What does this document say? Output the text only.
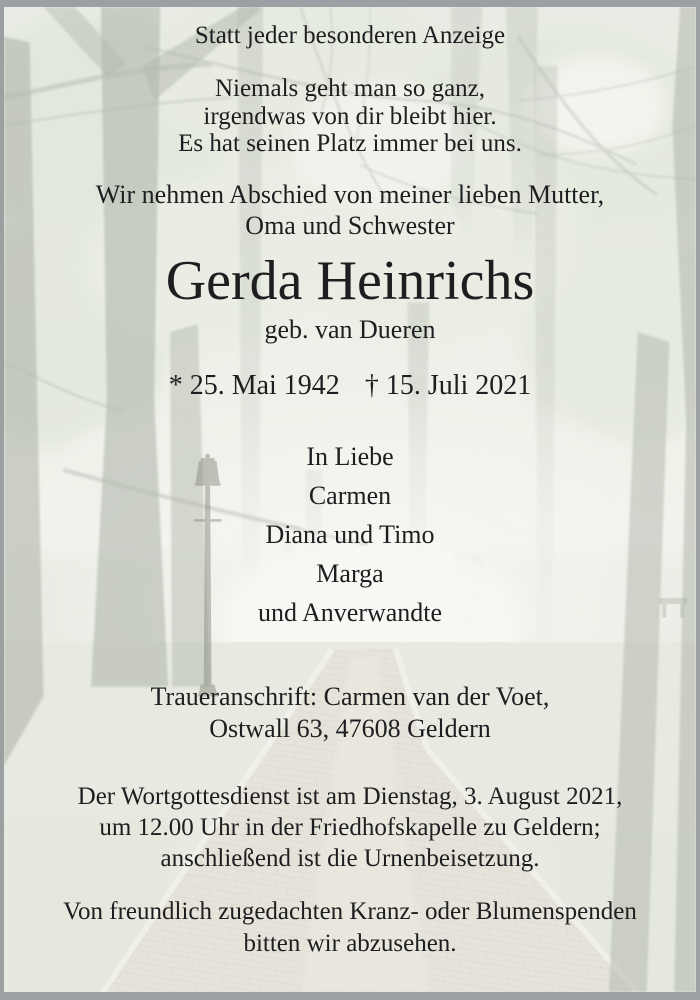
Statt jeder besonderen Anzeige
Niemals geht man so ganz,
irgendwas von dir bleibt hier.
Es hat seinen Platz immer bei uns.
Wir nehmen Abschied von meiner lieben Mutter,
Oma und Schwester
Gerda Heinrichs
geb. van Dueren
* 25. Mai 1942 † 15. Juli 2021
In Liebe
Carmen
Diana und Timo
Marga
und Anverwandte
Traueranschrift: Carmen van der Voet,
Ostwall 63, 47608 Geldern
Der Wortgottesdienst ist am Dienstag, 3. August 2021,
um 12.00 Uhr in der Friedhofskapelle zu Geldern;
anschließend ist die Urnenbeisetzung.
Von freundlich zugedachten Kranz- oder Blumenspenden
bitten wir abzusehen.
